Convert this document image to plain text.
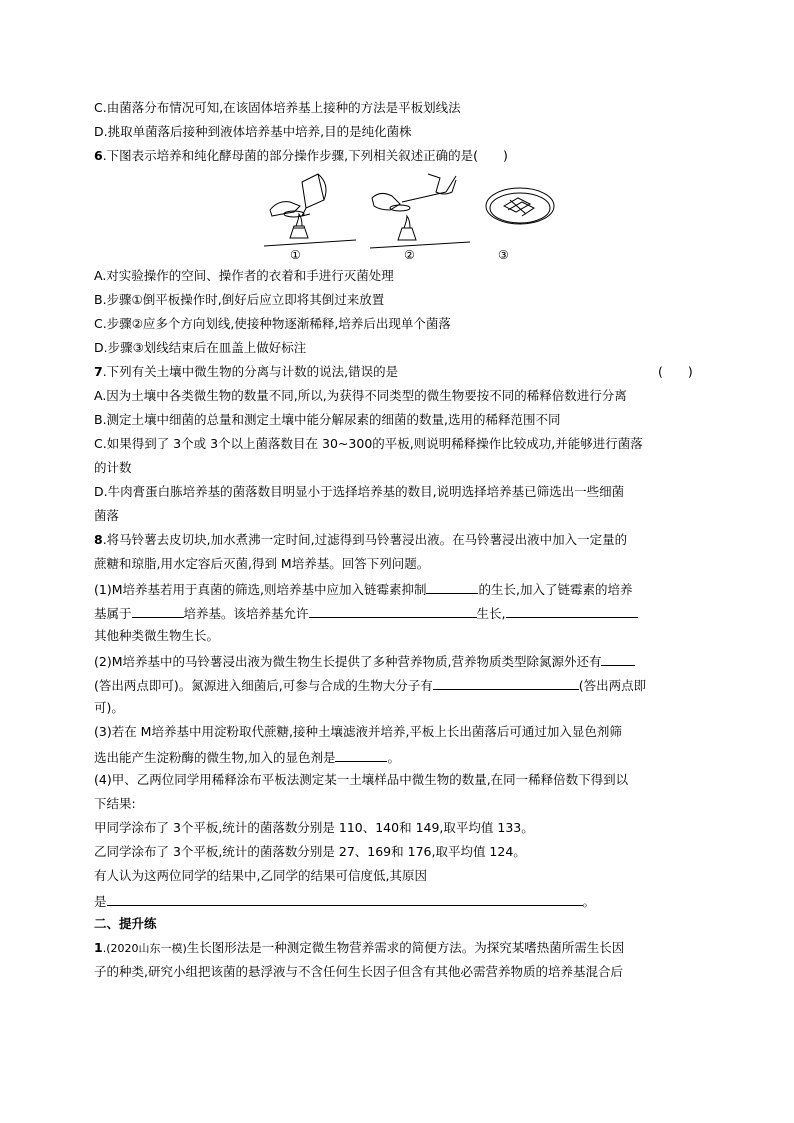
C.由菌落分布情况可知,在该固体培养基上接种的方法是平板划线法
D.挑取单菌落后接种到液体培养基中培养,目的是纯化菌株
6.下图表示培养和纯化酵母菌的部分操作步骤,下列相关叙述正确的是(　　)
①	②	③
A.对实验操作的空间、操作者的衣着和手进行灭菌处理
B.步骤①倒平板操作时,倒好后应立即将其倒过来放置
C.步骤②应多个方向划线,使接种物逐渐稀释,培养后出现单个菌落
D.步骤③划线结束后在皿盖上做好标注
7.下列有关土壤中微生物的分离与计数的说法,错误的是	(　　)
A.因为土壤中各类微生物的数量不同,所以,为获得不同类型的微生物要按不同的稀释倍数进行分离
B.测定土壤中细菌的总量和测定土壤中能分解尿素的细菌的数量,选用的稀释范围不同
C.如果得到了 3个或 3个以上菌落数目在 30~300的平板,则说明稀释操作比较成功,并能够进行菌落
的计数
D.牛肉膏蛋白胨培养基的菌落数目明显小于选择培养基的数目,说明选择培养基已筛选出一些细菌
菌落
8.将马铃薯去皮切块,加水煮沸一定时间,过滤得到马铃薯浸出液。在马铃薯浸出液中加入一定量的
蔗糖和琼脂,用水定容后灭菌,得到 M培养基。回答下列问题。
(1)M培养基若用于真菌的筛选,则培养基中应加入链霉素抑制	的生长,加入了链霉素的培养
基属于	培养基。该培养基允许	生长,
其他种类微生物生长。
(2)M培养基中的马铃薯浸出液为微生物生长提供了多种营养物质,营养物质类型除氮源外还有
(答出两点即可)。氮源进入细菌后,可参与合成的生物大分子有	(答出两点即
可)。
(3)若在 M培养基中用淀粉取代蔗糖,接种土壤滤液并培养,平板上长出菌落后可通过加入显色剂筛
选出能产生淀粉酶的微生物,加入的显色剂是	。
(4)甲、乙两位同学用稀释涂布平板法测定某一土壤样品中微生物的数量,在同一稀释倍数下得到以
下结果:
甲同学涂布了 3个平板,统计的菌落数分别是 110、140和 149,取平均值 133。
乙同学涂布了 3个平板,统计的菌落数分别是 27、169和 176,取平均值 124。
有人认为这两位同学的结果中,乙同学的结果可信度低,其原因
是	。
二、提升练
1.(2020山东一模)生长图形法是一种测定微生物营养需求的简便方法。为探究某嗜热菌所需生长因
子的种类,研究小组把该菌的悬浮液与不含任何生长因子但含有其他必需营养物质的培养基混合后
